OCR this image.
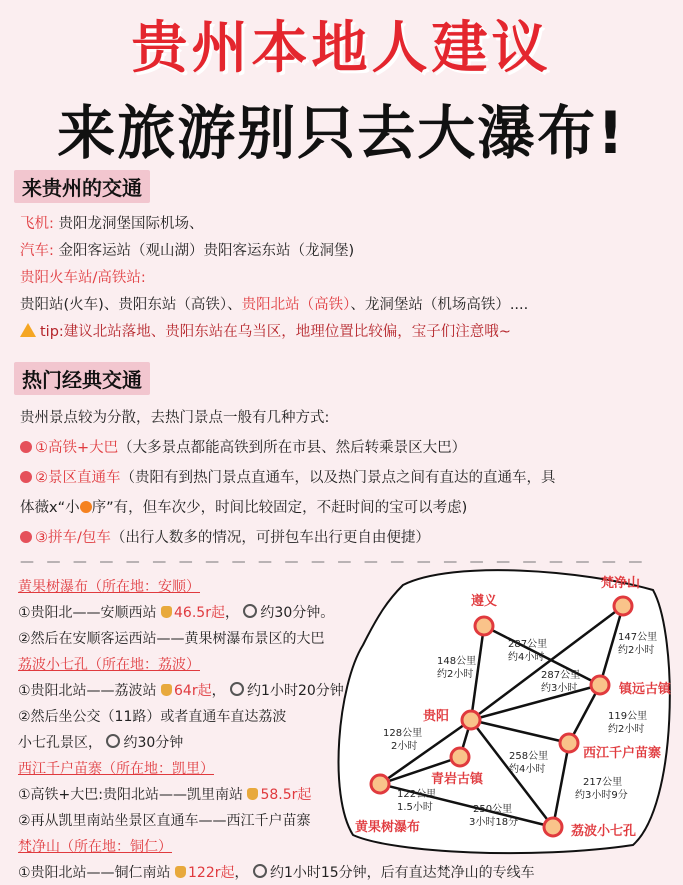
贵州本地人建议
来旅游别只去大瀑布!
来贵州的交通
飞机: 贵阳龙洞堡国际机场、
汽车: 金阳客运站（观山湖）贵阳客运东站（龙洞堡)
贵阳火车站/高铁站:
贵阳站(火车)、贵阳东站（高铁）、贵阳北站（高铁）、龙洞堡站（机场高铁）....
tip:建议北站落地、贵阳东站在乌当区，地理位置比较偏，宝子们注意哦~
热门经典交通
贵州景点较为分散，去热门景点一般有几种方式:
①高铁+大巴（大多景点都能高铁到所在市县、然后转乘景区大巴）
②景区直通车（贵阳有到热门景点直通车，以及热门景点之间有直达的直通车，具
体薇x“小 序”有，但车次少，时间比较固定，不赶时间的宝可以考虑)
③拼车/包车（出行人数多的情况，可拼包车出行更自由便捷）
— — — — — — — — — — — — — — — — — — — — — — — —
黄果树瀑布（所在地：安顺）
①贵阳北——安顺西站 46.5r起， 约30分钟。
②然后在安顺客运西站——黄果树瀑布景区的大巴
荔波小七孔（所在地：荔波）
①贵阳北站——荔波站 64r起， 约1小时20分钟
②然后坐公交（11路）或者直通车直达荔波
小七孔景区， 约30分钟
西江千户苗寨（所在地：凯里）
①高铁+大巴:贵阳北站——凯里南站 58.5r起
②再从凯里南站坐景区直通车——西江千户苗寨
梵净山（所在地：铜仁）
①贵阳北站——铜仁南站 122r起， 约1小时15分钟，后有直达梵净山的专线车
遵义
梵净山
镇远古镇
贵阳
西江千户苗寨
青岩古镇
黄果树瀑布	荔波小七孔
148公里
约2小时
287公里
约4小时
147公里
约2小时
287公里
约3小时
119公里
约2小时
128公里
2小时
258公里
约4小时
217公里
约3小时9分
122公里
1.5小时	250公里
3小时18分
